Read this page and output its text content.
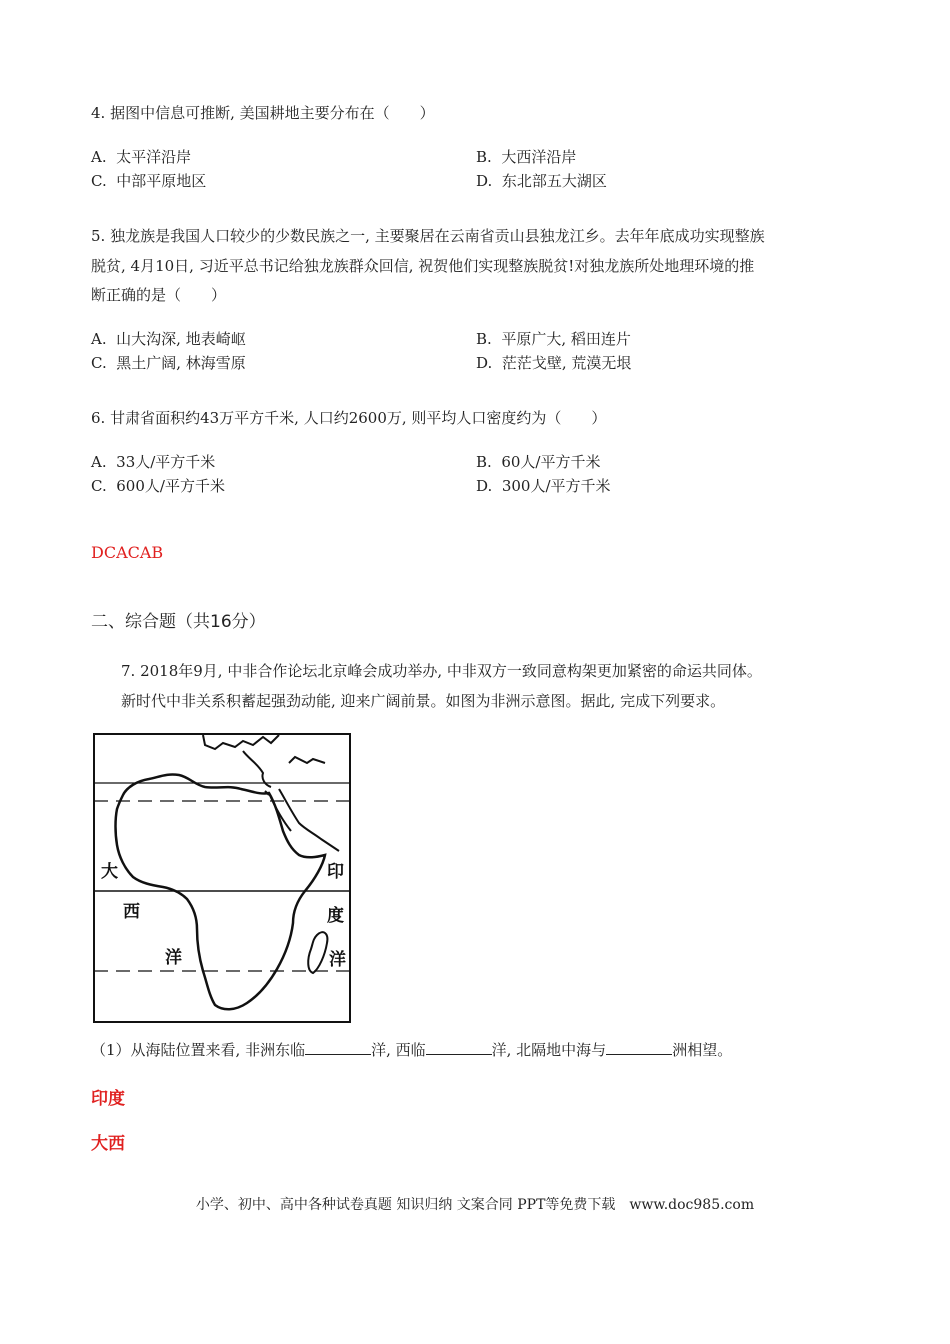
4. 据图中信息可推断, 美国耕地主要分布在（　　）
A. 太平洋沿岸	B. 大西洋沿岸
C. 中部平原地区	D. 东北部五大湖区
5. 独龙族是我国人口较少的少数民族之一, 主要聚居在云南省贡山县独龙江乡。去年年底成功实现整族
脱贫, 4月10日, 习近平总书记给独龙族群众回信, 祝贺他们实现整族脱贫!对独龙族所处地理环境的推
断正确的是（　　）
A. 山大沟深, 地表崎岖	B. 平原广大, 稻田连片
C. 黑土广阔, 林海雪原	D. 茫茫戈壁, 荒漠无垠
6. 甘肃省面积约43万平方千米, 人口约2600万, 则平均人口密度约为（　　）
A. 33人/平方千米	B. 60人/平方千米
C. 600人/平方千米	D. 300人/平方千米
DCACAB
二、综合题（共16分）
7. 2018年9月, 中非合作论坛北京峰会成功举办, 中非双方一致同意构架更加紧密的命运共同体。
新时代中非关系积蓄起强劲动能, 迎来广阔前景。如图为非洲示意图。据此, 完成下列要求。
大
西
洋
印
度
洋
（1）从海陆位置来看, 非洲东临	洋, 西临	洋, 北隔地中海与	洲相望。
印度
大西
小学、初中、高中各种试卷真题 知识归纳 文案合同 PPT等免费下载　www.doc985.com
